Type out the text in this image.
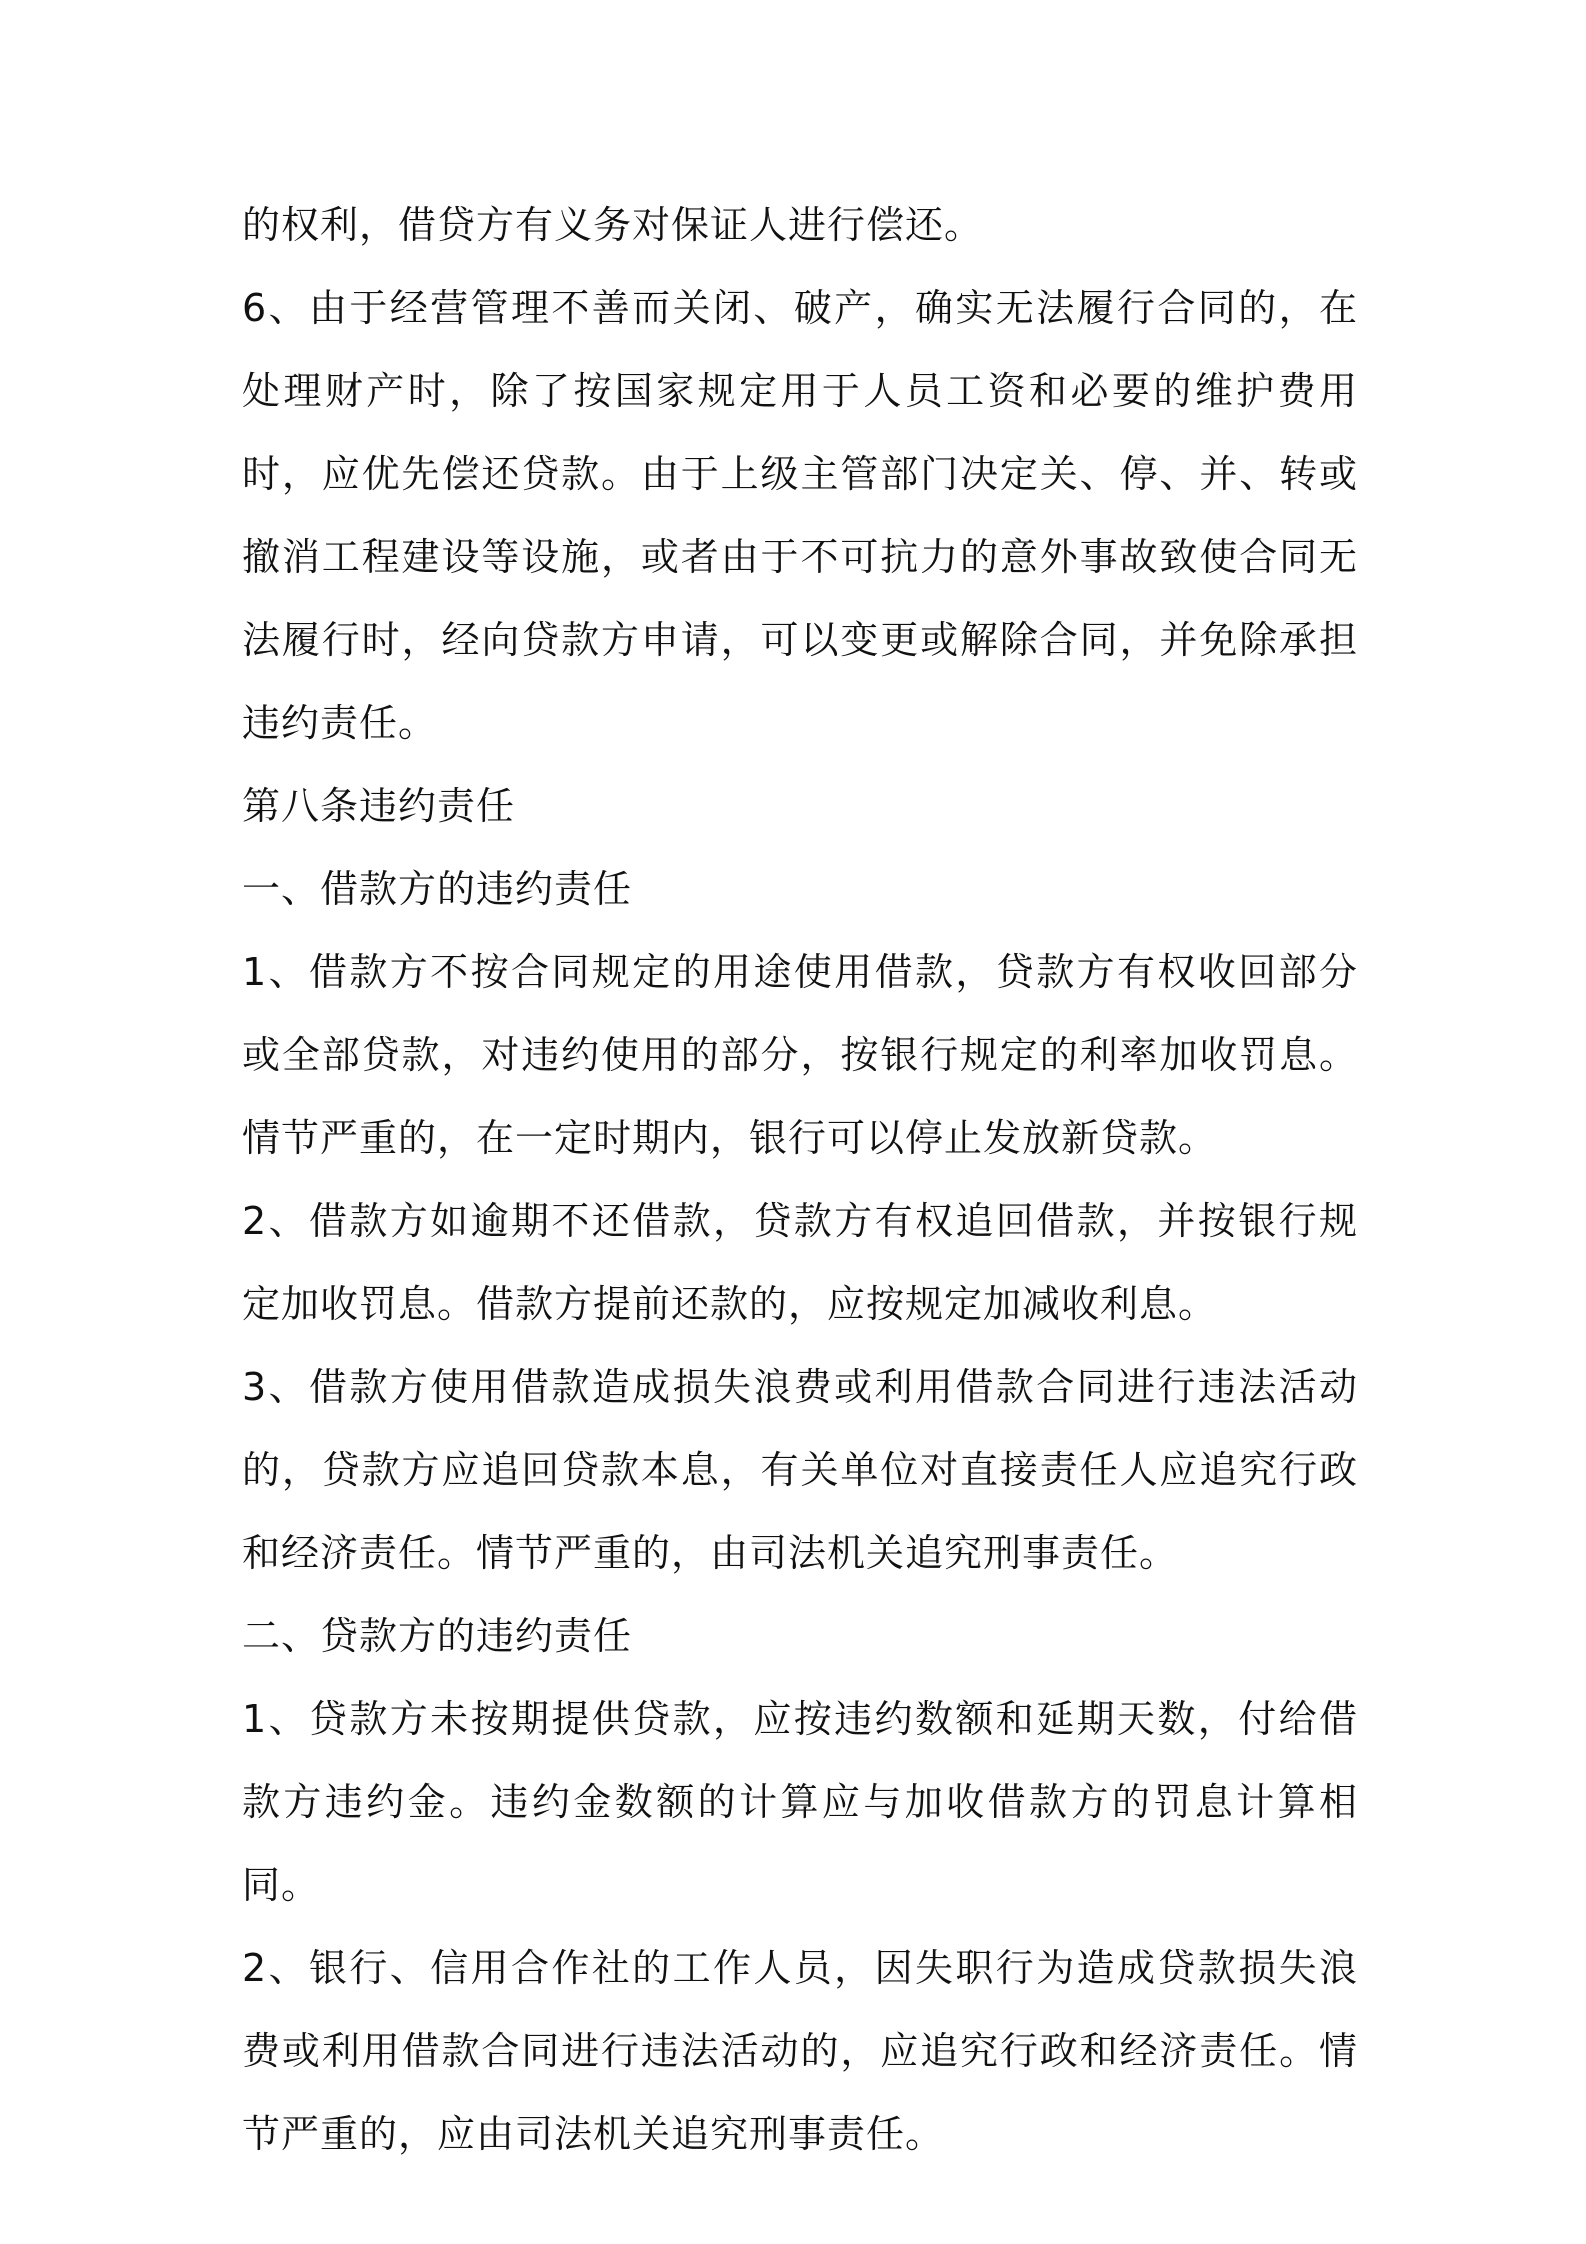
的权利，借贷方有义务对保证人进行偿还。

6、由于经营管理不善而关闭、破产，确实无法履行合同的，在处理财产时，除了按国家规定用于人员工资和必要的维护费用时，应优先偿还贷款。由于上级主管部门决定关、停、并、转或撤消工程建设等设施，或者由于不可抗力的意外事故致使合同无法履行时，经向贷款方申请，可以变更或解除合同，并免除承担违约责任。

第八条违约责任

一、借款方的违约责任

1、借款方不按合同规定的用途使用借款，贷款方有权收回部分或全部贷款，对违约使用的部分，按银行规定的利率加收罚息。情节严重的，在一定时期内，银行可以停止发放新贷款。

2、借款方如逾期不还借款，贷款方有权追回借款，并按银行规定加收罚息。借款方提前还款的，应按规定加减收利息。

3、借款方使用借款造成损失浪费或利用借款合同进行违法活动的，贷款方应追回贷款本息，有关单位对直接责任人应追究行政和经济责任。情节严重的，由司法机关追究刑事责任。

二、贷款方的违约责任

1、贷款方未按期提供贷款，应按违约数额和延期天数，付给借款方违约金。违约金数额的计算应与加收借款方的罚息计算相同。

2、银行、信用合作社的工作人员，因失职行为造成贷款损失浪费或利用借款合同进行违法活动的，应追究行政和经济责任。情节严重的，应由司法机关追究刑事责任。
